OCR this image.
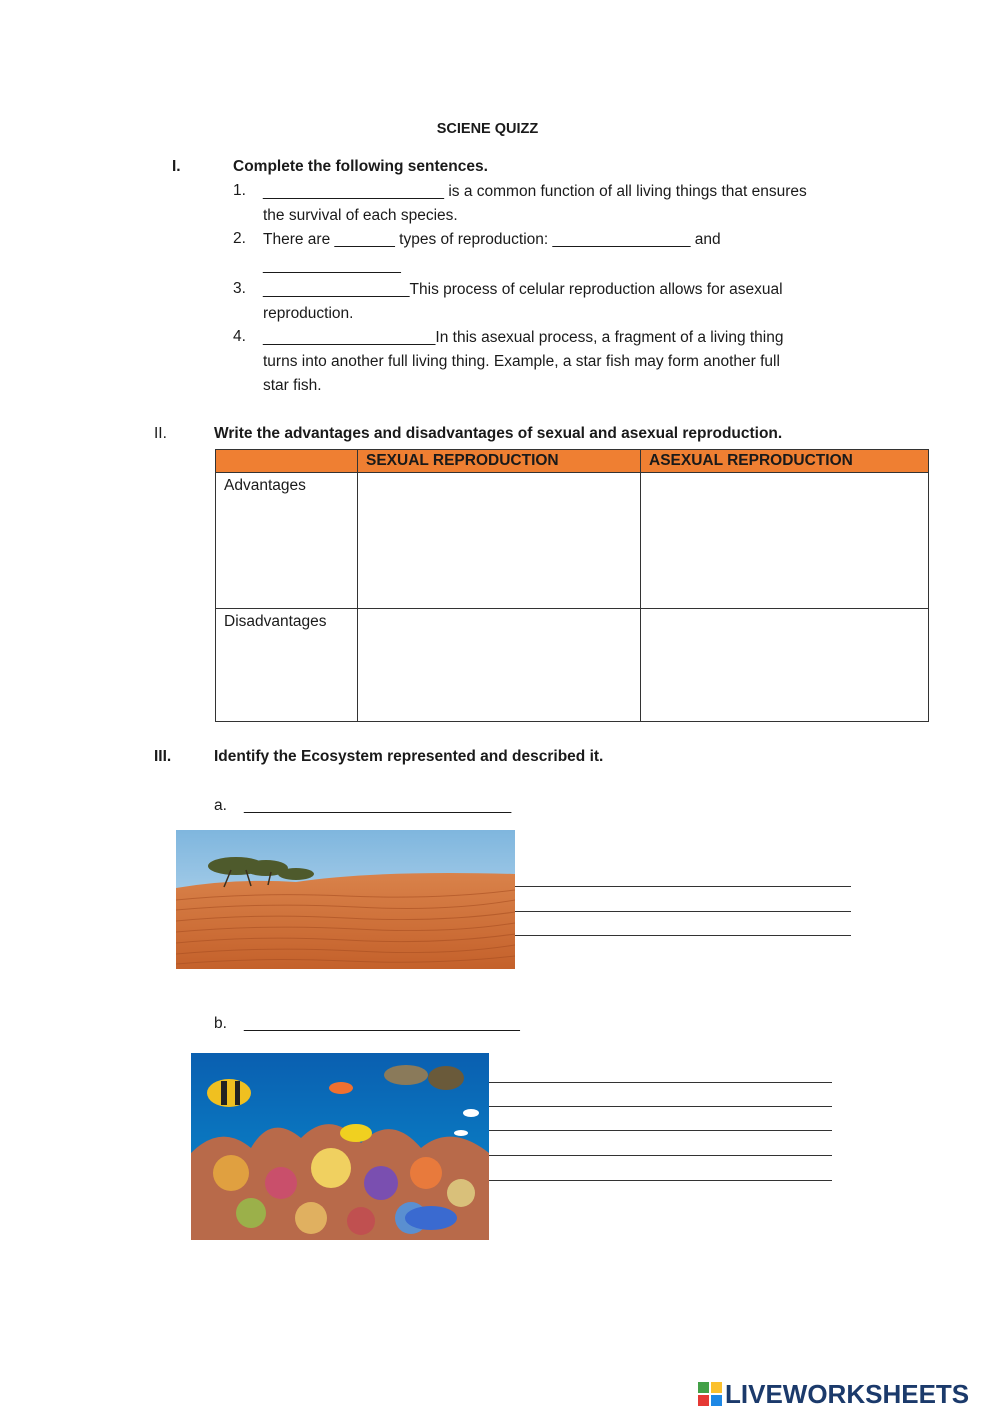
SCIENE QUIZZ
I.	Complete the following sentences.
1. _____________________ is a common function of all living things that ensures
the survival of each species.
2. There are _______ types of reproduction: ________________ and
________________
3. _________________This process of celular reproduction allows for asexual
reproduction.
4. ____________________In this asexual process, a fragment of a living thing
turns into another full living thing. Example, a star fish may form another full
star fish.
II.	Write the advantages and disadvantages of sexual and asexual reproduction.
	SEXUAL REPRODUCTION	ASEXUAL REPRODUCTION
Advantages		
Disadvantages		
III.	Identify the Ecosystem represented and described it.
a. _______________________________
b. ________________________________
LIVEWORKSHEETS
